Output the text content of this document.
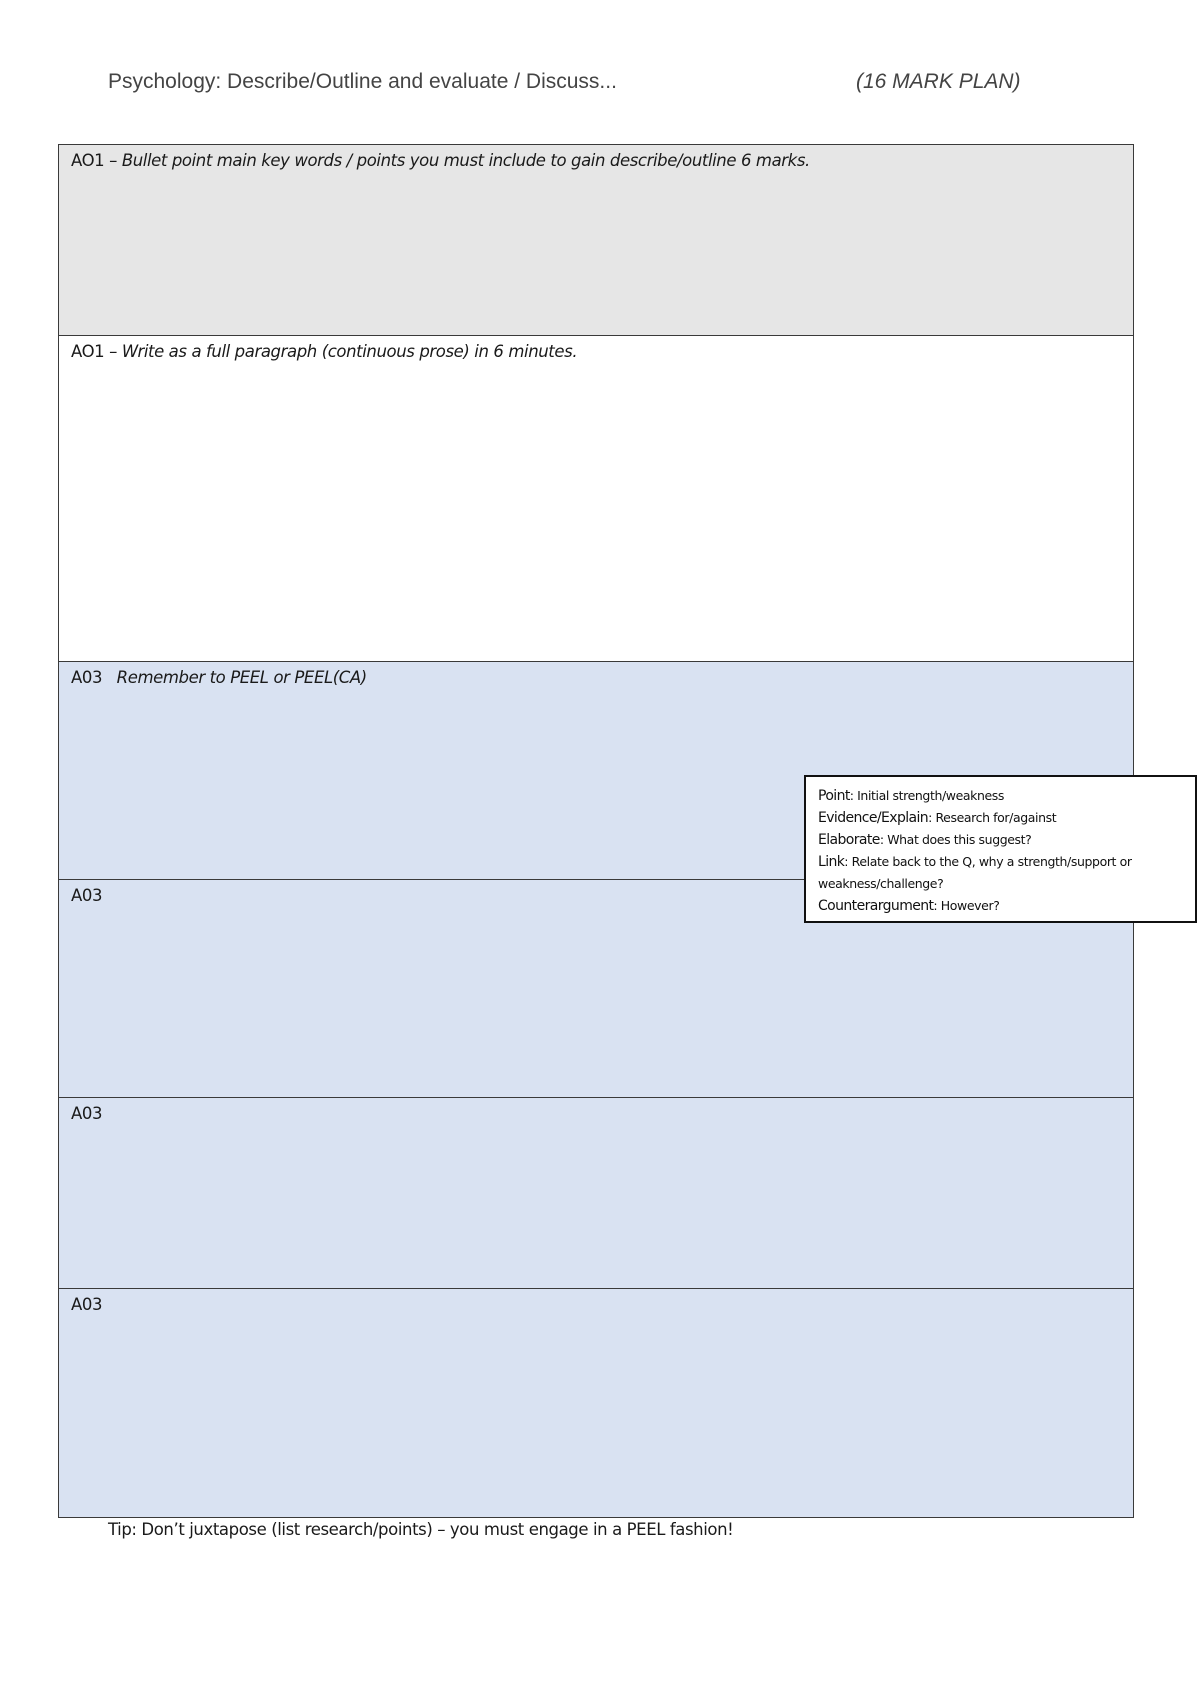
Psychology: Describe/Outline and evaluate / Discuss...	(16 MARK PLAN)
AO1 – Bullet point main key words / points you must include to gain describe/outline 6 marks.
AO1 – Write as a full paragraph (continuous prose) in 6 minutes.
A03   Remember to PEEL or PEEL(CA)
A03
A03
A03
Point: Initial strength/weakness
Evidence/Explain: Research for/against
Elaborate: What does this suggest?
Link: Relate back to the Q, why a strength/support or weakness/challenge?
Counterargument: However?
Tip: Don’t juxtapose (list research/points) – you must engage in a PEEL fashion!
